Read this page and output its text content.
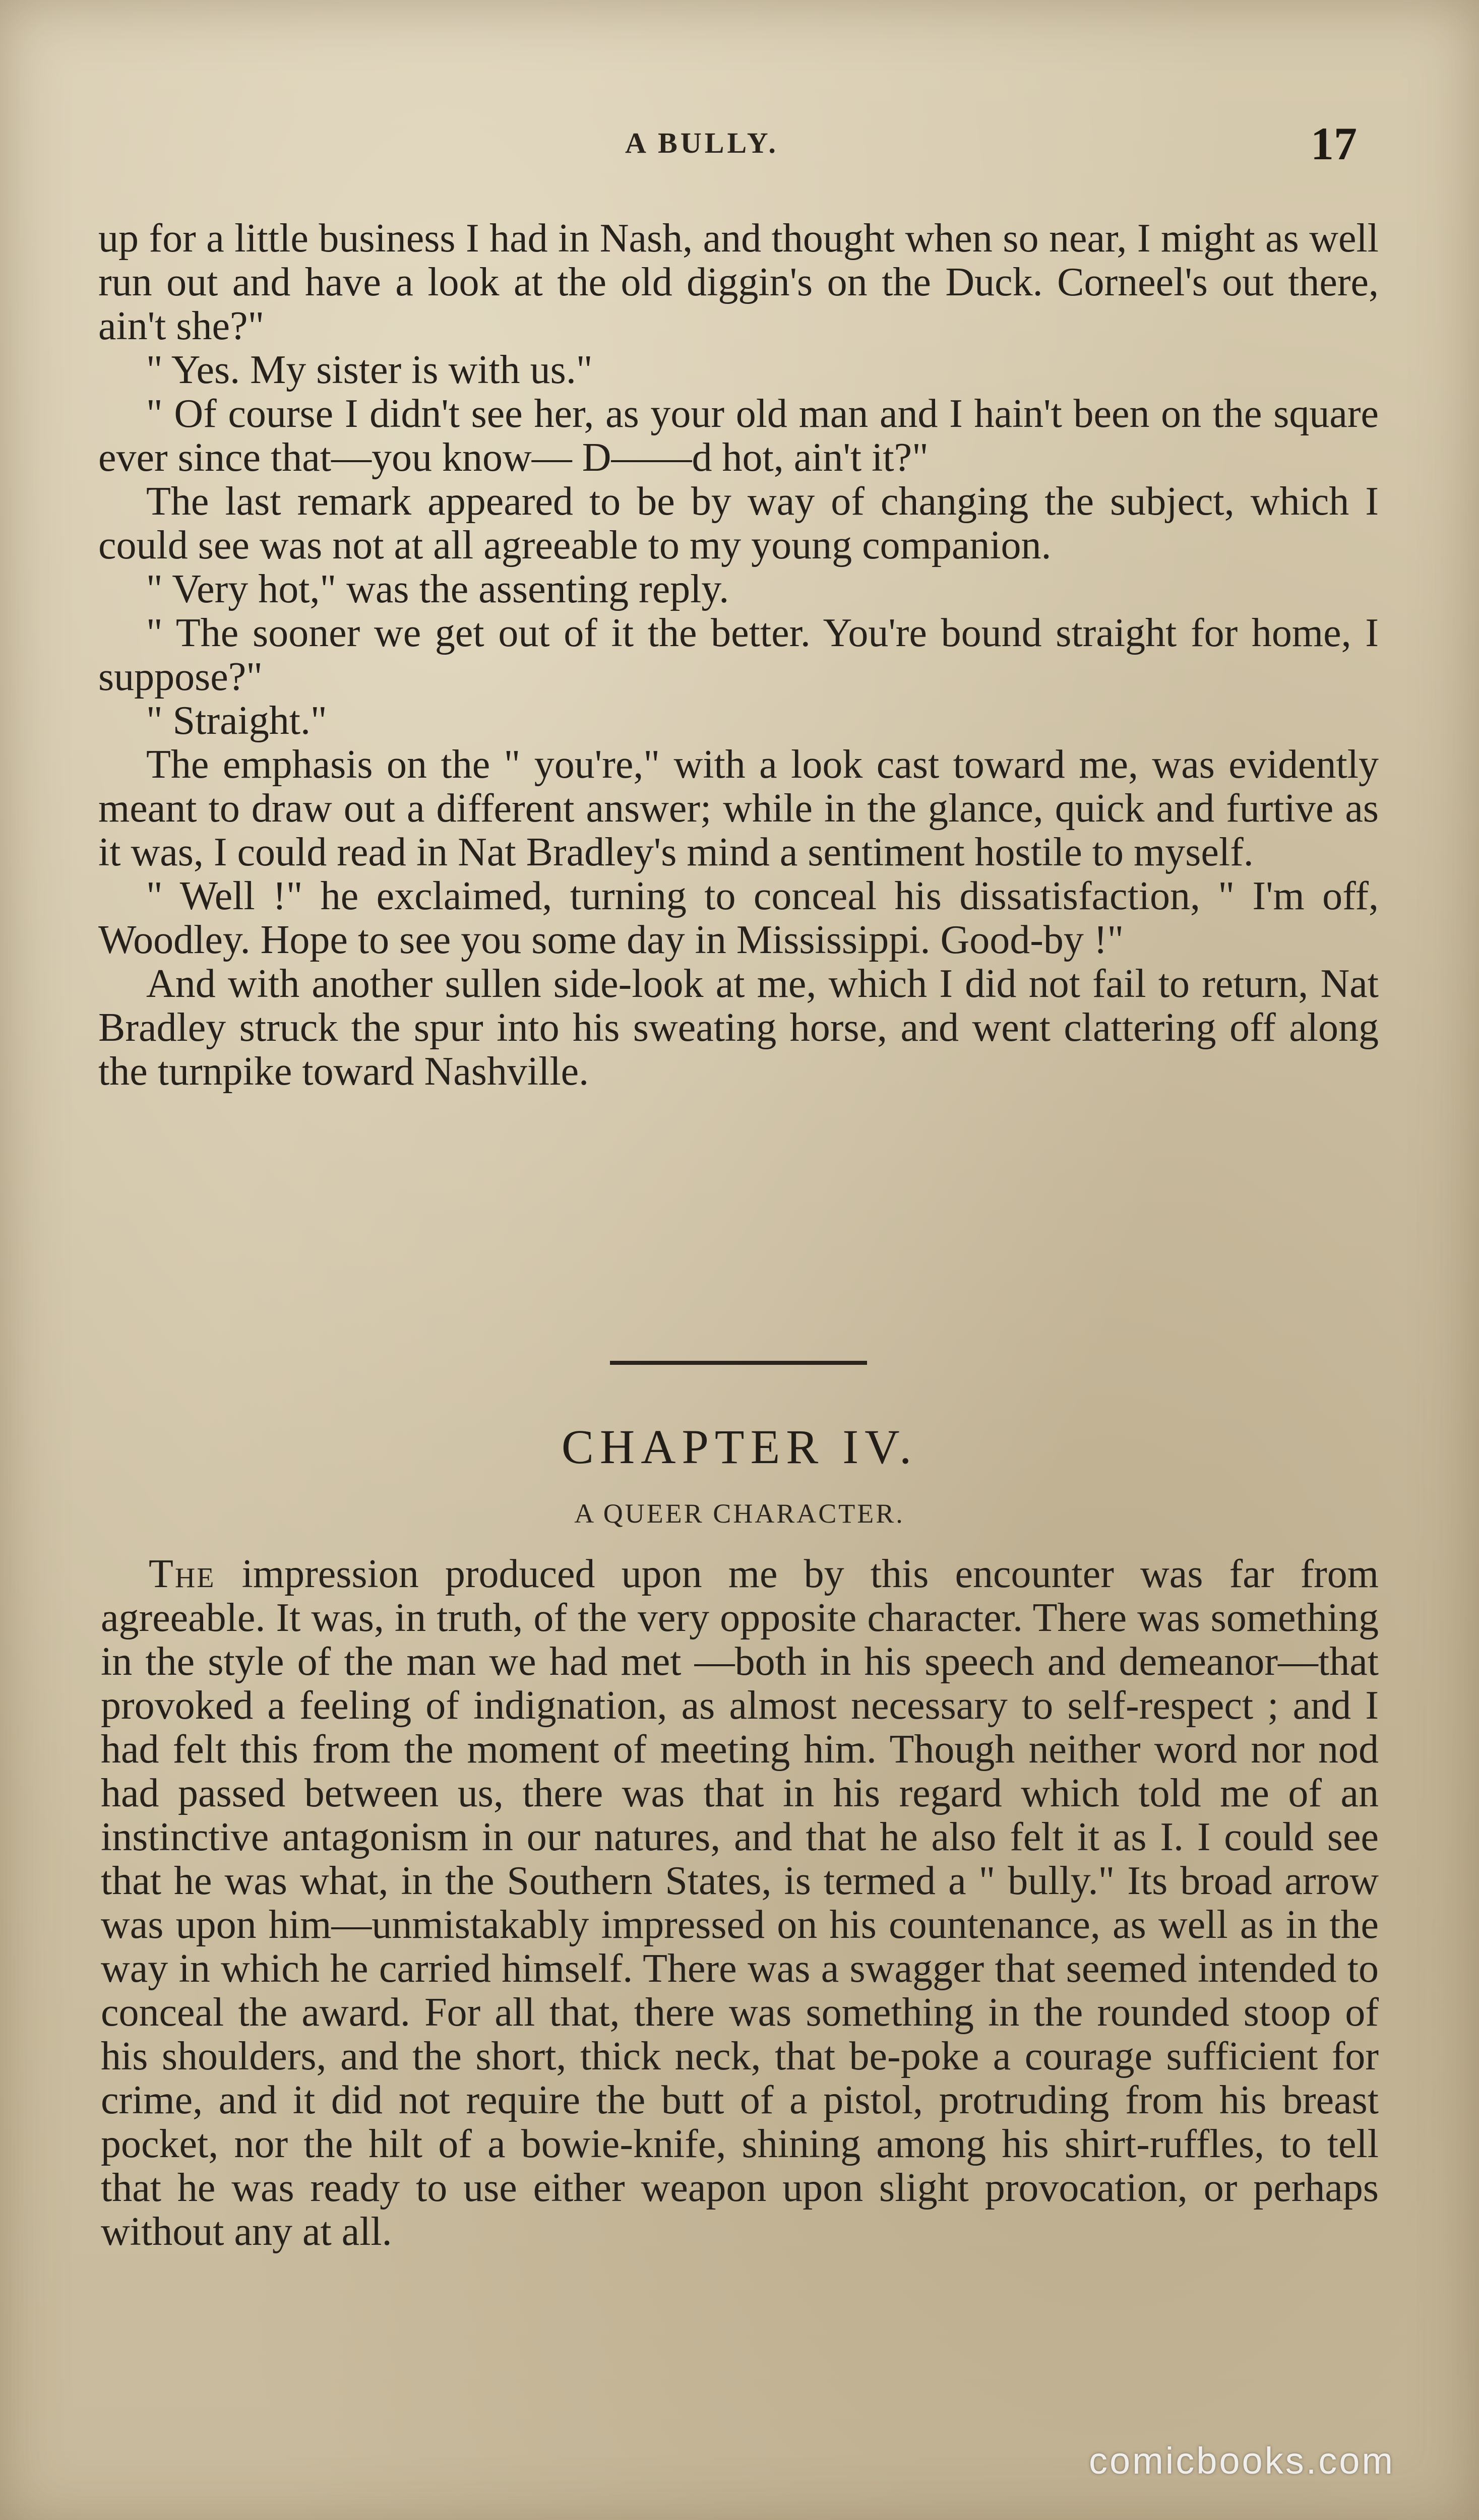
A BULLY.	17

up for a little business I had in Nash, and thought when so near, I might as well run out and have a look at the old diggin's on the Duck. Corneel's out there, ain't she?"

" Yes. My sister is with us."

" Of course I didn't see her, as your old man and I hain't been on the square ever since that—you know— D——d hot, ain't it?"

The last remark appeared to be by way of changing the subject, which I could see was not at all agreeable to my young companion.

" Very hot," was the assenting reply.

" The sooner we get out of it the better. You're bound straight for home, I suppose?"

" Straight."

The emphasis on the " you're," with a look cast toward me, was evidently meant to draw out a different answer; while in the glance, quick and furtive as it was, I could read in Nat Bradley's mind a sentiment hostile to myself.

" Well !" he exclaimed, turning to conceal his dissatisfaction, " I'm off, Woodley. Hope to see you some day in Mississippi. Good-by !"

And with another sullen side-look at me, which I did not fail to return, Nat Bradley struck the spur into his sweating horse, and went clattering off along the turnpike toward Nashville.

CHAPTER IV.
A QUEER CHARACTER.

The impression produced upon me by this encounter was far from agreeable. It was, in truth, of the very opposite character. There was something in the style of the man we had met —both in his speech and demeanor—that provoked a feeling of indignation, as almost necessary to self-respect ; and I had felt this from the moment of meeting him. Though neither word nor nod had passed between us, there was that in his regard which told me of an instinctive antagonism in our natures, and that he also felt it as I. I could see that he was what, in the Southern States, is termed a " bully." Its broad arrow was upon him—unmistakably impressed on his countenance, as well as in the way in which he carried himself. There was a swagger that seemed intended to conceal the award. For all that, there was something in the rounded stoop of his shoulders, and the short, thick neck, that be-poke a courage sufficient for crime, and it did not require the butt of a pistol, protruding from his breast pocket, nor the hilt of a bowie-knife, shining among his shirt-ruffles, to tell that he was ready to use either weapon upon slight provocation, or perhaps without any at all.

comicbooks.com
